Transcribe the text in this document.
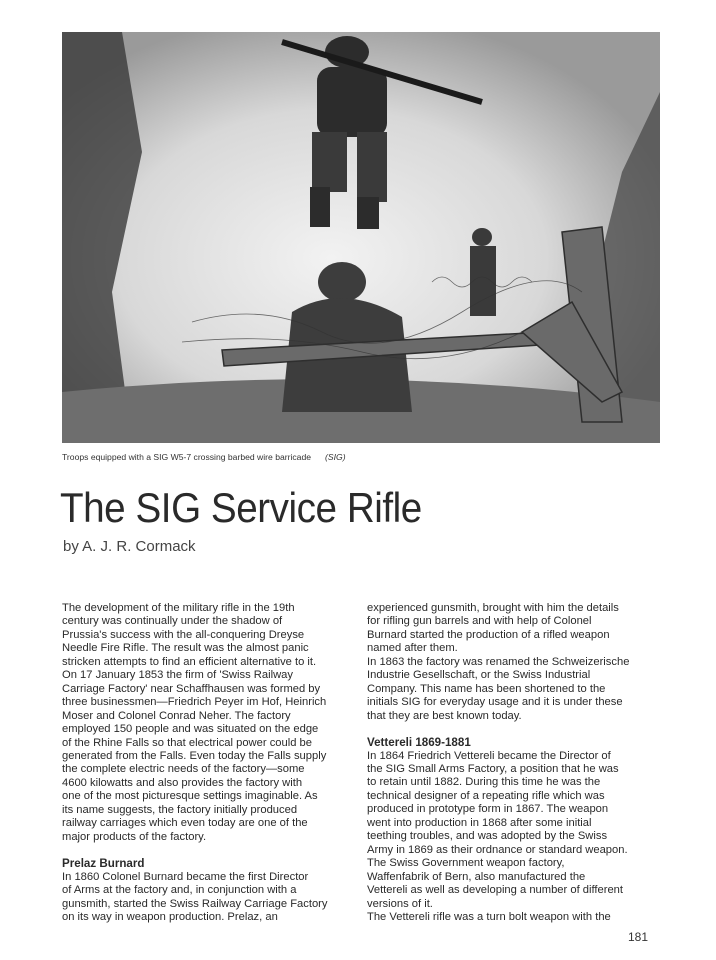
Troops equipped with a SIG W5-7 crossing barbed wire barricade (SIG)
The SIG Service Rifle
by A. J. R. Cormack
The development of the military rifle in the 19th
century was continually under the shadow of
Prussia's success with the all-conquering Dreyse
Needle Fire Rifle. The result was the almost panic
stricken attempts to find an efficient alternative to it.
On 17 January 1853 the firm of 'Swiss Railway
Carriage Factory' near Schaffhausen was formed by
three businessmen—Friedrich Peyer im Hof, Heinrich
Moser and Colonel Conrad Neher. The factory
employed 150 people and was situated on the edge
of the Rhine Falls so that electrical power could be
generated from the Falls. Even today the Falls supply
the complete electric needs of the factory—some
4600 kilowatts and also provides the factory with
one of the most picturesque settings imaginable. As
its name suggests, the factory initially produced
railway carriages which even today are one of the
major products of the factory.
Prelaz Burnard
In 1860 Colonel Burnard became the first Director
of Arms at the factory and, in conjunction with a
gunsmith, started the Swiss Railway Carriage Factory
on its way in weapon production. Prelaz, an
experienced gunsmith, brought with him the details
for rifling gun barrels and with help of Colonel
Burnard started the production of a rifled weapon
named after them.
In 1863 the factory was renamed the Schweizerische
Industrie Gesellschaft, or the Swiss Industrial
Company. This name has been shortened to the
initials SIG for everyday usage and it is under these
that they are best known today.
Vettereli 1869-1881
In 1864 Friedrich Vettereli became the Director of
the SIG Small Arms Factory, a position that he was
to retain until 1882. During this time he was the
technical designer of a repeating rifle which was
produced in prototype form in 1867. The weapon
went into production in 1868 after some initial
teething troubles, and was adopted by the Swiss
Army in 1869 as their ordnance or standard weapon.
The Swiss Government weapon factory,
Waffenfabrik of Bern, also manufactured the
Vettereli as well as developing a number of different
versions of it.
The Vettereli rifle was a turn bolt weapon with the
181
